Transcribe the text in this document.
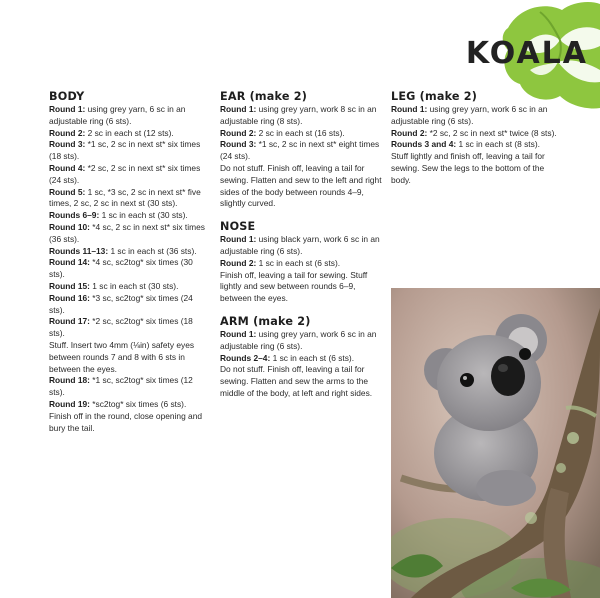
KOALA
BODY

Round 1: using grey yarn, 6 sc in an adjustable ring (6 sts).

Round 2: 2 sc in each st (12 sts).

Round 3: *1 sc, 2 sc in next st* six times (18 sts).

Round 4: *2 sc, 2 sc in next st* six times (24 sts).

Round 5: 1 sc, *3 sc, 2 sc in next st* five times, 2 sc, 2 sc in next st (30 sts).

Rounds 6–9: 1 sc in each st (30 sts).

Round 10: *4 sc, 2 sc in next st* six times (36 sts).

Rounds 11–13: 1 sc in each st (36 sts).

Round 14: *4 sc, sc2tog* six times (30 sts).

Round 15: 1 sc in each st (30 sts).

Round 16: *3 sc, sc2tog* six times (24 sts).

Round 17: *2 sc, sc2tog* six times (18 sts).

Stuff. Insert two 4mm (⅛in) safety eyes between rounds 7 and 8 with 6 sts in between the eyes.

Round 18: *1 sc, sc2tog* six times (12 sts).

Round 19: *sc2tog* six times (6 sts).

Finish off in the round, close opening and bury the tail.

EAR (make 2)

Round 1: using grey yarn, work 8 sc in an adjustable ring (8 sts).

Round 2: 2 sc in each st (16 sts).

Round 3: *1 sc, 2 sc in next st* eight times (24 sts).

Do not stuff. Finish off, leaving a tail for sewing. Flatten and sew to the left and right sides of the body between rounds 4–9, slightly curved.

NOSE

Round 1: using black yarn, work 6 sc in an adjustable ring (6 sts).

Round 2: 1 sc in each st (6 sts).

Finish off, leaving a tail for sewing. Stuff lightly and sew between rounds 6–9, between the eyes.

ARM (make 2)

Round 1: using grey yarn, work 6 sc in an adjustable ring (6 sts).

Rounds 2–4: 1 sc in each st (6 sts).

Do not stuff. Finish off, leaving a tail for sewing. Flatten and sew the arms to the middle of the body, at left and right sides.

LEG (make 2)

Round 1: using grey yarn, work 6 sc in an adjustable ring (6 sts).

Round 2: *2 sc, 2 sc in next st* twice (8 sts).

Rounds 3 and 4: 1 sc in each st (8 sts).

Stuff lightly and finish off, leaving a tail for sewing. Sew the legs to the bottom of the body.
